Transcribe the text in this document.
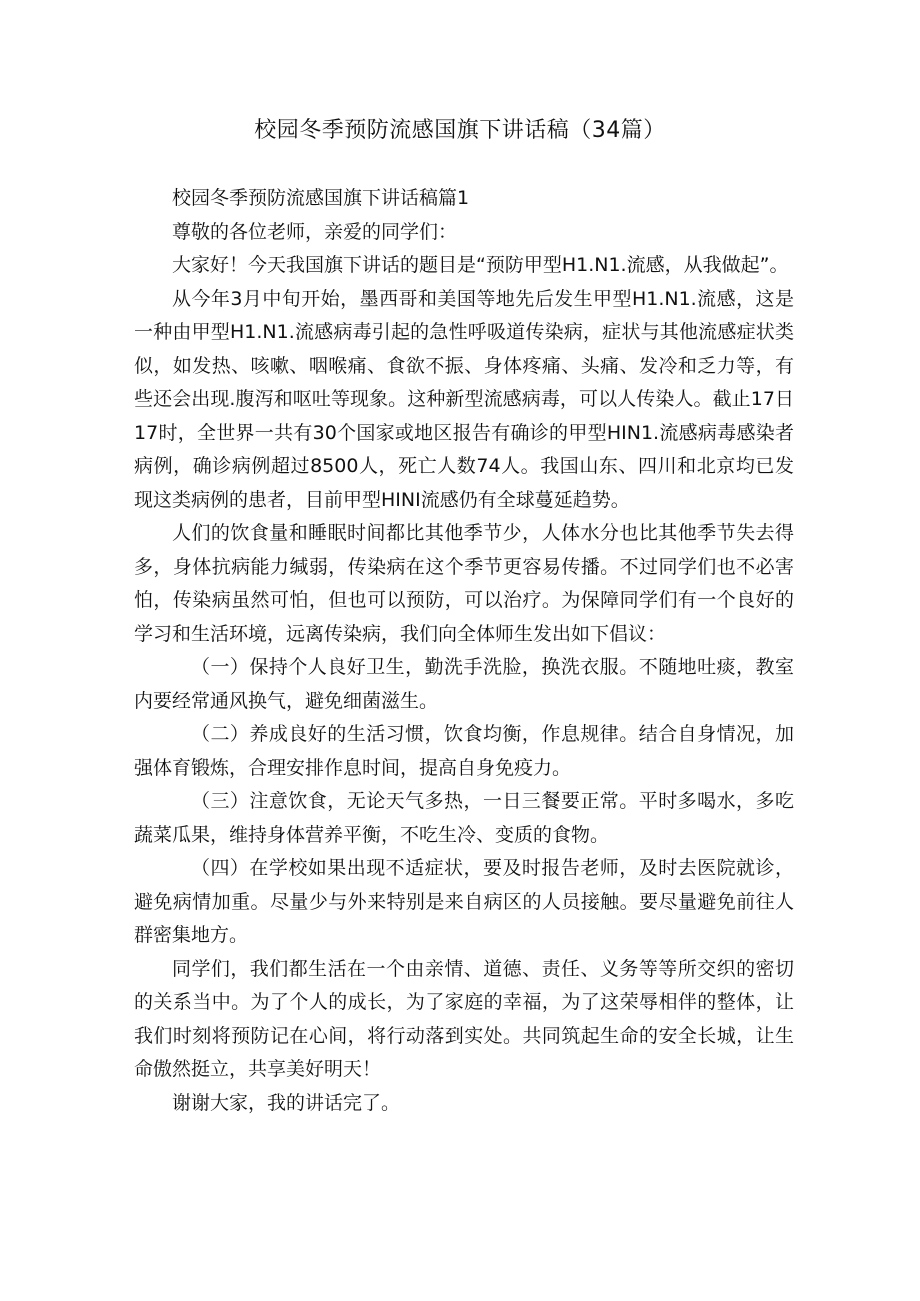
校园冬季预防流感国旗下讲话稿（34篇）

校园冬季预防流感国旗下讲话稿篇1

尊敬的各位老师，亲爱的同学们：

大家好！今天我国旗下讲话的题目是“预防甲型H1.N1.流感，从我做起”。

从今年3月中旬开始，墨西哥和美国等地先后发生甲型H1.N1.流感，这是一种由甲型H1.N1.流感病毒引起的急性呼吸道传染病，症状与其他流感症状类似，如发热、咳嗽、咽喉痛、食欲不振、身体疼痛、头痛、发冷和乏力等，有些还会出现.腹泻和呕吐等现象。这种新型流感病毒，可以人传染人。截止17日17时，全世界一共有30个国家或地区报告有确诊的甲型HIN1.流感病毒感染者病例，确诊病例超过8500人，死亡人数74人。我国山东、四川和北京均已发现这类病例的患者，目前甲型HINI流感仍有全球蔓延趋势。

人们的饮食量和睡眠时间都比其他季节少，人体水分也比其他季节失去得多，身体抗病能力缄弱，传染病在这个季节更容易传播。不过同学们也不必害怕，传染病虽然可怕，但也可以预防，可以治疗。为保障同学们有一个良好的学习和生活环境，远离传染病，我们向全体师生发出如下倡议：

（一）保持个人良好卫生，勤洗手洗脸，换洗衣服。不随地吐痰，教室内要经常通风换气，避免细菌滋生。

（二）养成良好的生活习惯，饮食均衡，作息规律。结合自身情况，加强体育锻炼，合理安排作息时间，提高自身免疫力。

（三）注意饮食，无论天气多热，一日三餐要正常。平时多喝水，多吃蔬菜瓜果，维持身体营养平衡，不吃生冷、变质的食物。

（四）在学校如果出现不适症状，要及时报告老师，及时去医院就诊，避免病情加重。尽量少与外来特别是来自病区的人员接触。要尽量避免前往人群密集地方。

同学们，我们都生活在一个由亲情、道德、责任、义务等等所交织的密切的关系当中。为了个人的成长，为了家庭的幸福，为了这荣辱相伴的整体，让我们时刻将预防记在心间，将行动落到实处。共同筑起生命的安全长城，让生命傲然挺立，共享美好明天！

谢谢大家，我的讲话完了。
